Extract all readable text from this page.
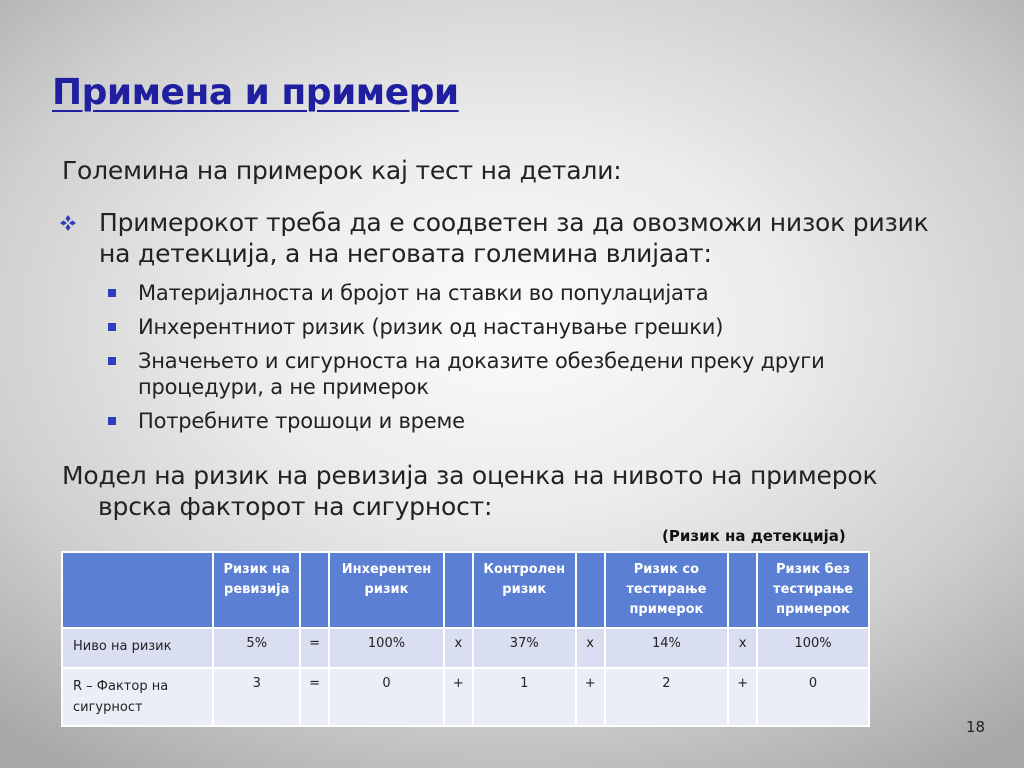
Примена и примери

Големина на примерок кај тест на детали:

Примерокот треба да е соодветен за да овозможи низок ризик на детекција, а на неговата големина влијаат:
Материјалноста и бројот на ставки во популацијата
Инхерентниот ризик (ризик од настанување грешки)
Значењето и сигурноста на доказите обезбедени преку други процедури, а не примерок
Потребните трошоци и време

Модел на ризик на ревизија за оценка на нивото на примерок врска факторот на сигурност:

(Ризик на детекција)

	Ризик на ревизија		Инхерентен ризик		Контролен ризик		Ризик со тестирање примерок		Ризик без тестирање примерок
Ниво на ризик	5%	=	100%	x	37%	x	14%	x	100%
R – Фактор на сигурност	3	=	0	+	1	+	2	+	0

18
